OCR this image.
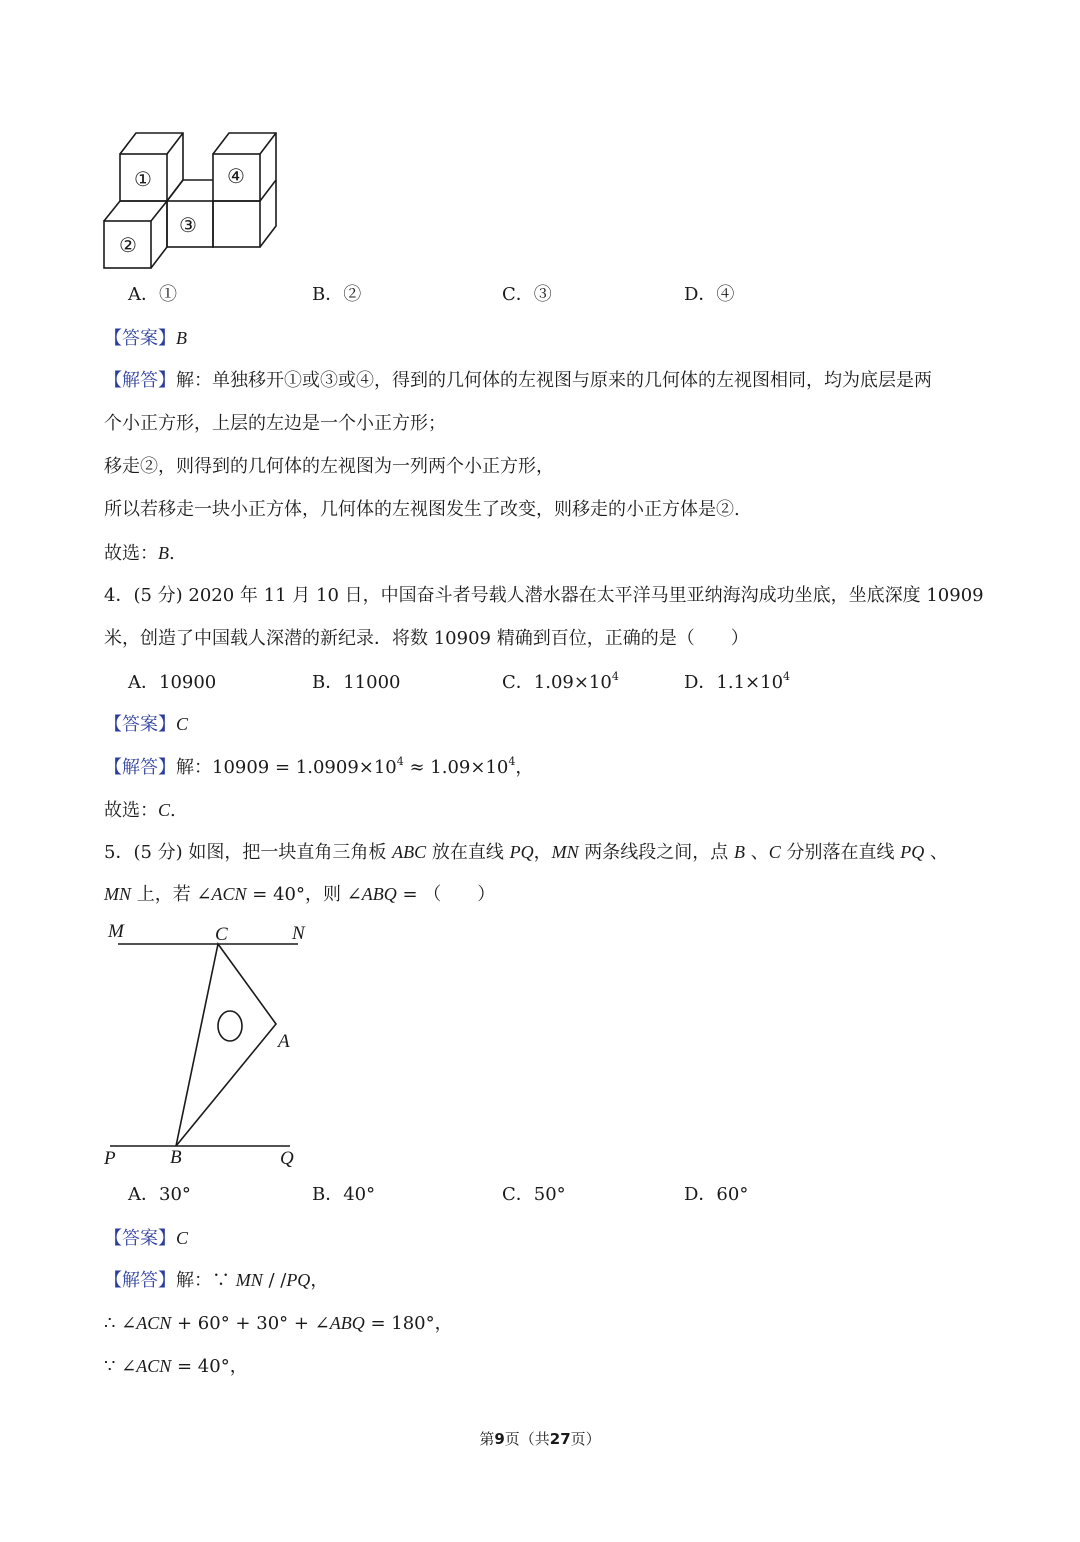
①	④
③
②
A．①	B．②	C．③	D．④
【答案】B
【解答】解：单独移开①或③或④，得到的几何体的左视图与原来的几何体的左视图相同，均为底层是两
个小正方形，上层的左边是一个小正方形；
移走②，则得到的几何体的左视图为一列两个小正方形，
所以若移走一块小正方体，几何体的左视图发生了改变，则移走的小正方体是②.
故选：B.
4．(5 分) 2020 年 11 月 10 日，中国奋斗者号载人潜水器在太平洋马里亚纳海沟成功坐底，坐底深度 10909
米，创造了中国载人深潜的新纪录．将数 10909 精确到百位，正确的是（　　）
A．10900	B．11000	C．$1.09\times 10^4$	D．$1.1\times 10^4$
【答案】C
【解答】解：$10909 = 1.0909\times 10^4 \approx 1.09\times 10^4$，
故选：C.
5．(5 分) 如图，把一块直角三角板 ABC 放在直线 PQ，MN 两条线段之间，点 B 、C 分别落在直线 PQ 、
MN 上，若 ∠ACN = 40°，则 ∠ABQ = （　　）
M	C	N
A
P	B	Q
A．30°	B．40°	C．50°	D．60°
【答案】C
【解答】解：∵ MN / /PQ，
∴ ∠ACN + 60° + 30° + ∠ABQ = 180°，
∵ ∠ACN = 40°，
第9页（共27页）
